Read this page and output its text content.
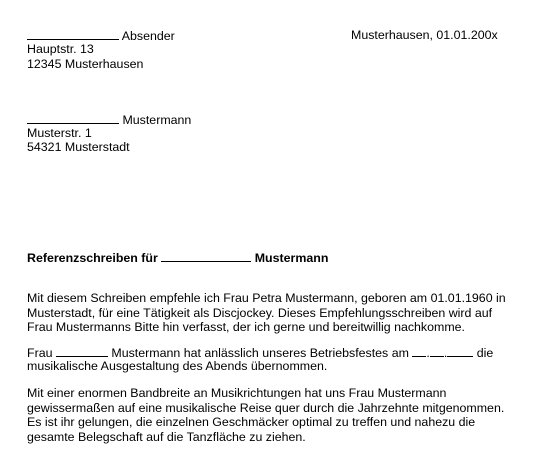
Absender	Musterhausen, 01.01.200x
Hauptstr. 13
12345 Musterhausen
Mustermann
Musterstr. 1
54321 Musterstadt
Referenzschreiben für	Mustermann

Mit diesem Schreiben empfehle ich Frau Petra Mustermann, geboren am 01.01.1960 in Musterstadt, für eine Tätigkeit als Discjockey. Dieses Empfehlungsschreiben wird auf Frau Mustermanns Bitte hin verfasst, der ich gerne und bereitwillig nachkomme.

Frau	Mustermann hat anlässlich unseres Betriebsfestes am . . die
musikalische Ausgestaltung des Abends übernommen.

Mit einer enormen Bandbreite an Musikrichtungen hat uns Frau Mustermann gewissermaßen auf eine musikalische Reise quer durch die Jahrzehnte mitgenommen. Es ist ihr gelungen, die einzelnen Geschmäcker optimal zu treffen und nahezu die gesamte Belegschaft auf die Tanzfläche zu ziehen.
